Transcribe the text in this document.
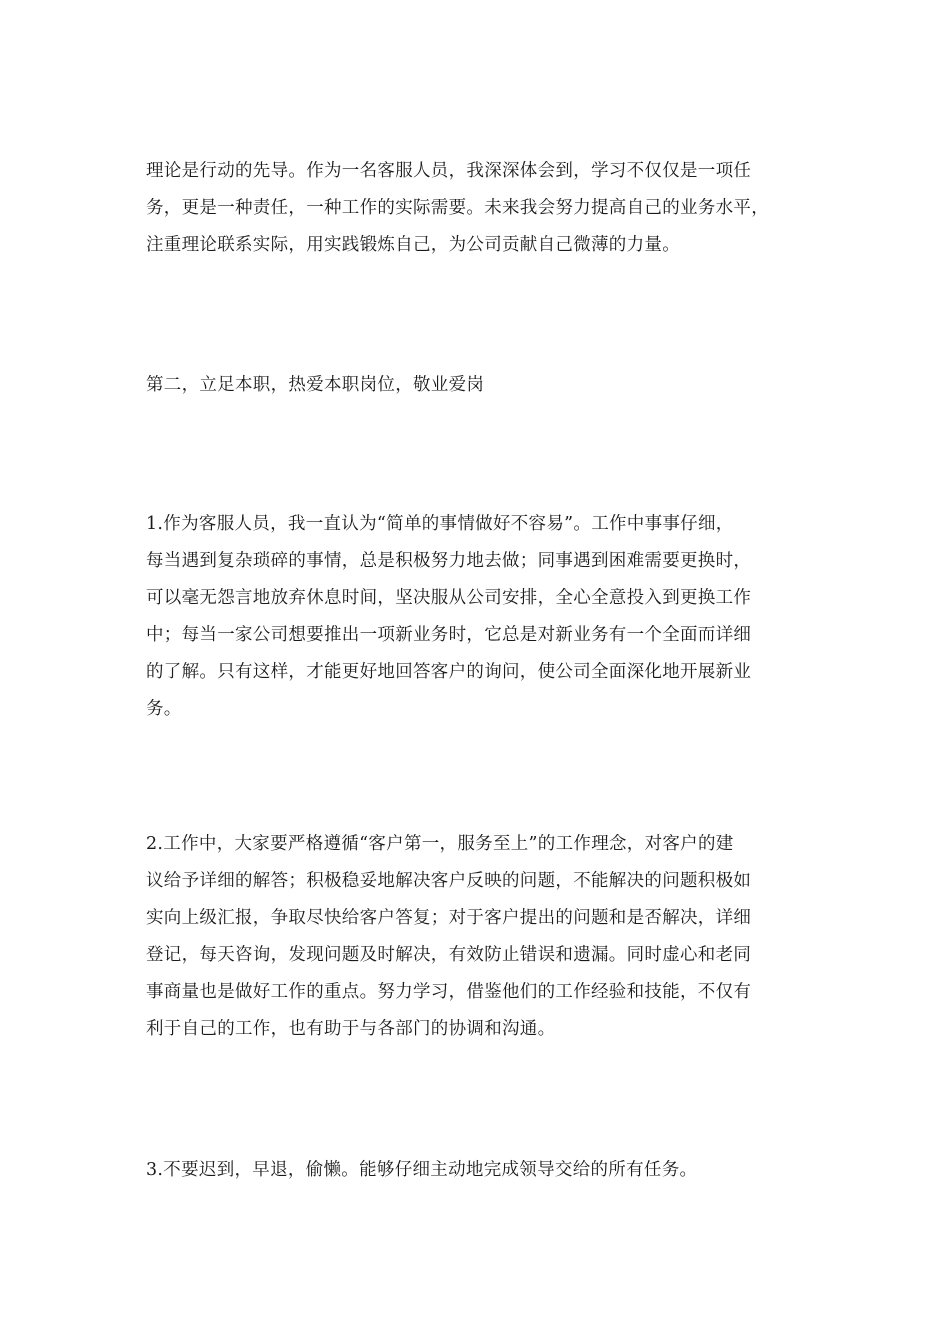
理论是行动的先导。作为一名客服人员，我深深体会到，学习不仅仅是一项任
务，更是一种责任，一种工作的实际需要。未来我会努力提高自己的业务水平，
注重理论联系实际，用实践锻炼自己，为公司贡献自己微薄的力量。

第二，立足本职，热爱本职岗位，敬业爱岗

1.作为客服人员，我一直认为“简单的事情做好不容易”。工作中事事仔细，
每当遇到复杂琐碎的事情，总是积极努力地去做；同事遇到困难需要更换时，
可以毫无怨言地放弃休息时间，坚决服从公司安排，全心全意投入到更换工作
中；每当一家公司想要推出一项新业务时，它总是对新业务有一个全面而详细
的了解。只有这样，才能更好地回答客户的询问，使公司全面深化地开展新业
务。

2.工作中，大家要严格遵循“客户第一，服务至上”的工作理念，对客户的建
议给予详细的解答；积极稳妥地解决客户反映的问题，不能解决的问题积极如
实向上级汇报，争取尽快给客户答复；对于客户提出的问题和是否解决，详细
登记，每天咨询，发现问题及时解决，有效防止错误和遗漏。同时虚心和老同
事商量也是做好工作的重点。努力学习，借鉴他们的工作经验和技能，不仅有
利于自己的工作，也有助于与各部门的协调和沟通。

3.不要迟到，早退，偷懒。能够仔细主动地完成领导交给的所有任务。
